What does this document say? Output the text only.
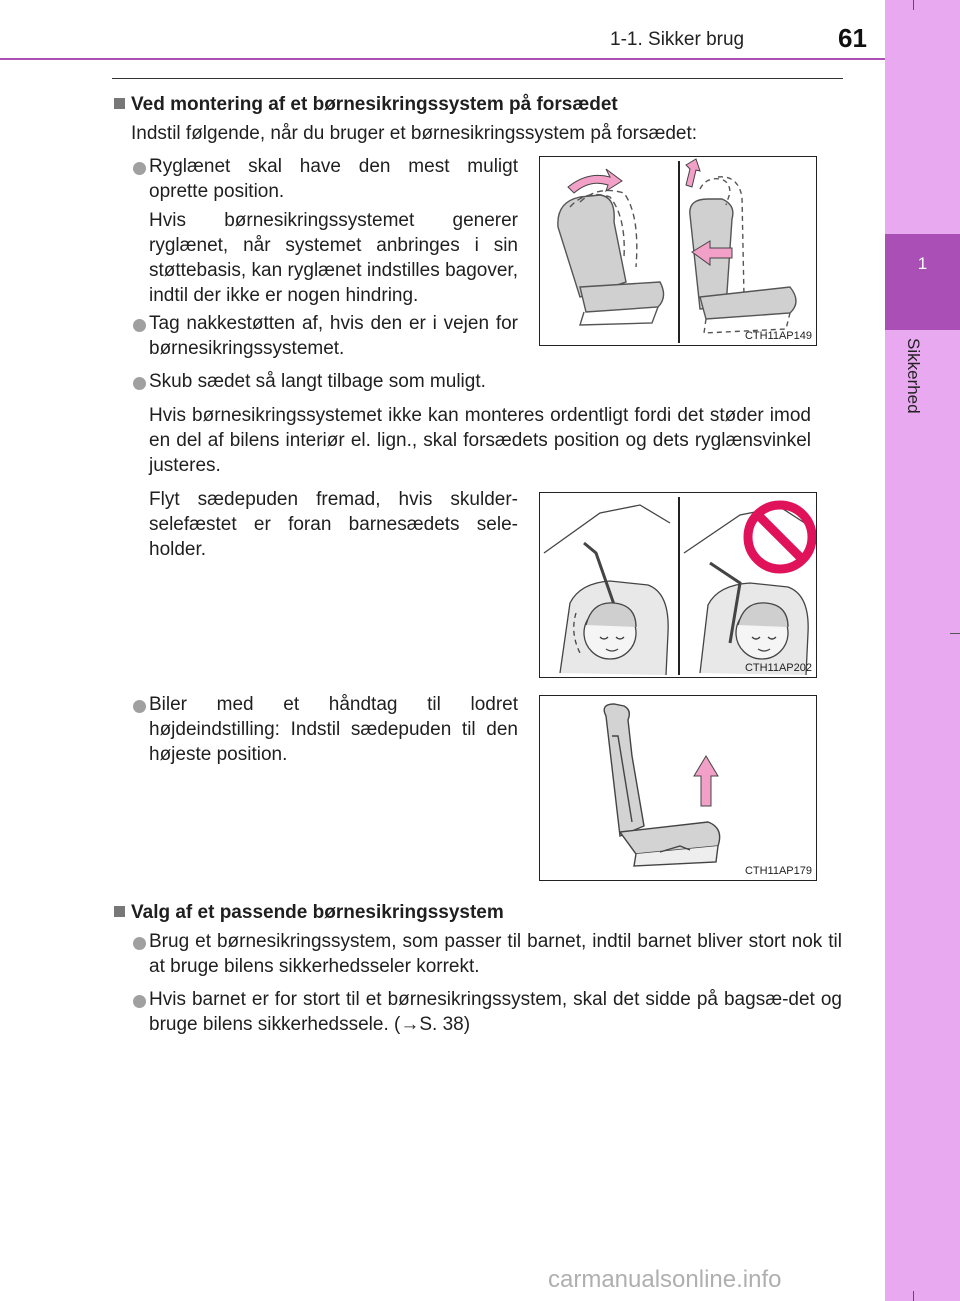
1
Sikkerhed
1-1. Sikker brug	61
Ved montering af et børnesikringssystem på forsædet
Indstil følgende, når du bruger et børnesikringssystem på forsædet:
Ryglænet skal have den mest muligt oprette position.
Hvis børnesikringssystemet generer ryglænet, når systemet anbringes i sin støttebasis, kan ryglænet indstilles bagover, indtil der ikke er nogen hindring.
Tag nakkestøtten af, hvis den er i vejen for børnesikringssystemet.
CTH11AP149
Skub sædet så langt tilbage som muligt.
Hvis børnesikringssystemet ikke kan monteres ordentligt fordi det støder imod en del af bilens interiør el. lign., skal forsædets position og dets ryglænsvinkel justeres.
Flyt sædepuden fremad, hvis skulder-selefæstet er foran barnesædets sele-holder.
CTH11AP202
Biler med et håndtag til lodret højdeindstilling: Indstil sædepuden til den højeste position.
CTH11AP179
Valg af et passende børnesikringssystem
Brug et børnesikringssystem, som passer til barnet, indtil barnet bliver stort nok til at bruge bilens sikkerhedsseler korrekt.
Hvis barnet er for stort til et børnesikringssystem, skal det sidde på bagsæ-det og bruge bilens sikkerhedssele. (→S. 38)
carmanualsonline.info
